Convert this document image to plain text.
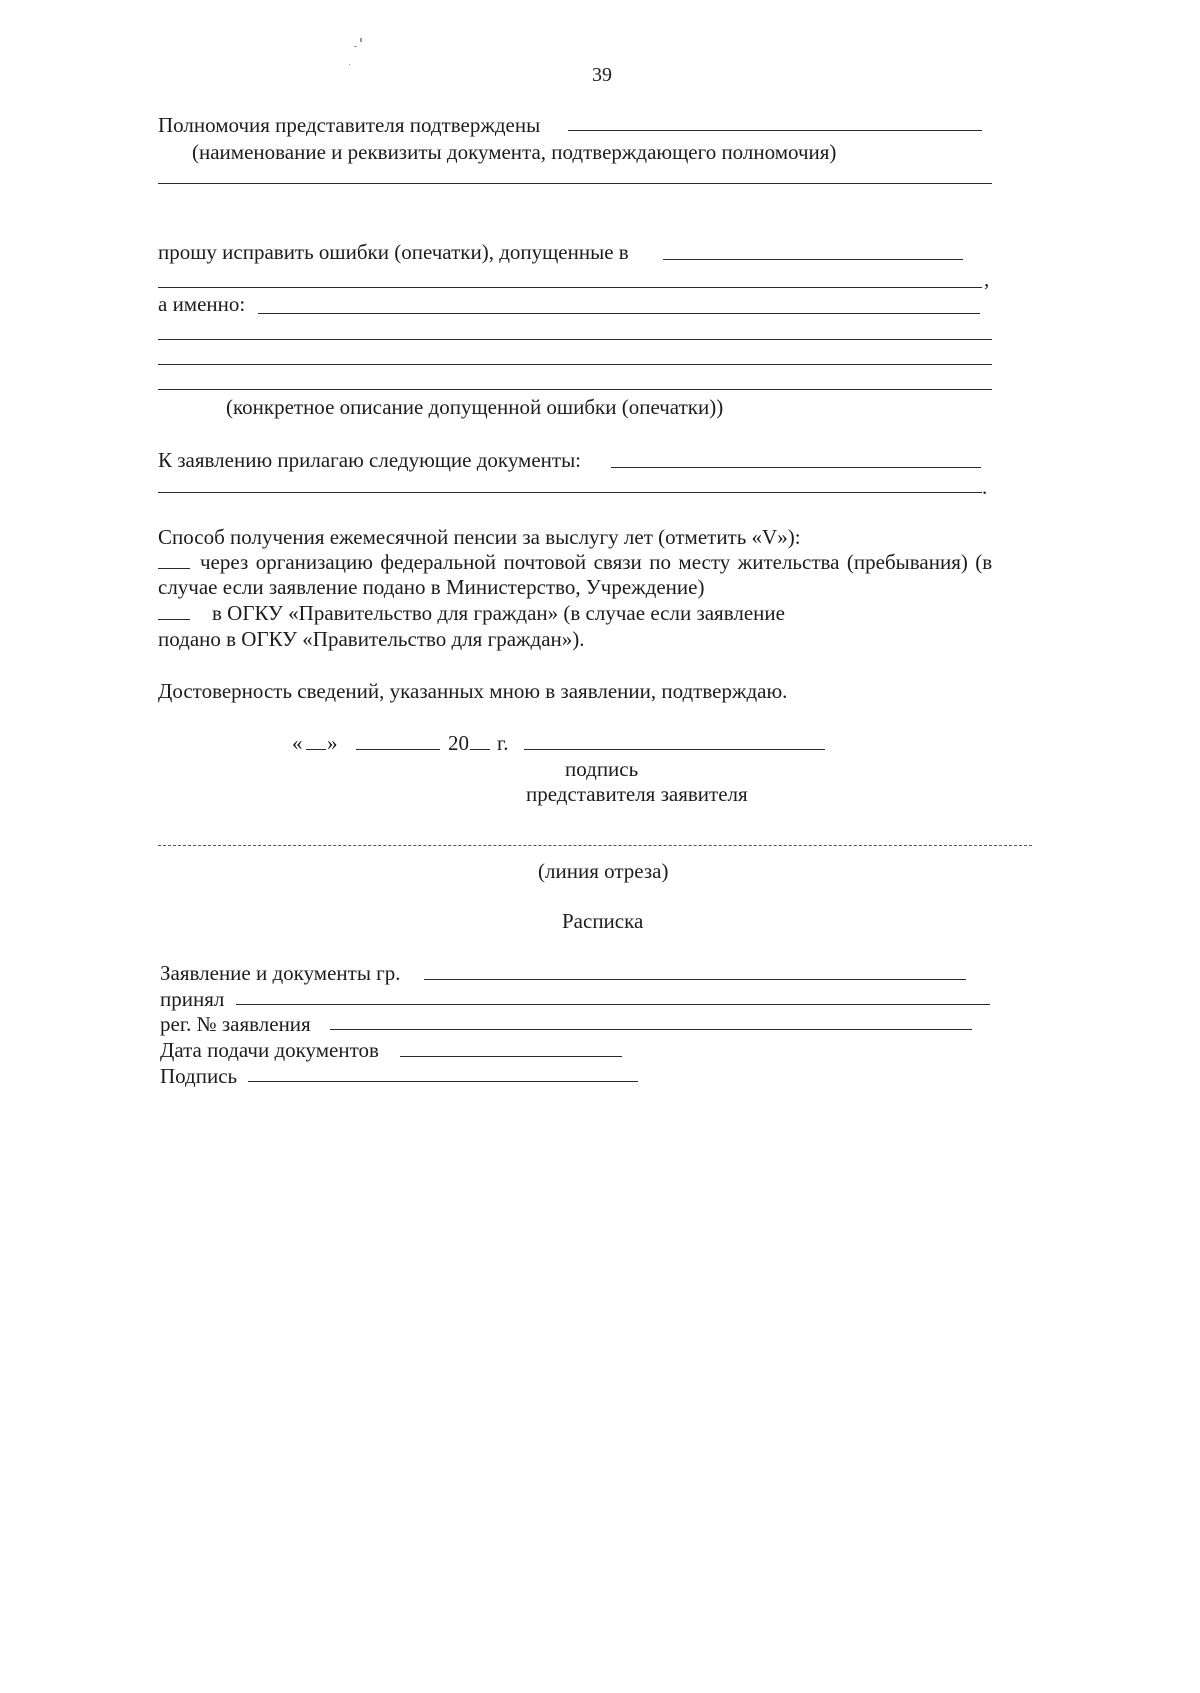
39
Полномочия представителя подтверждены
(наименование и реквизиты документа, подтверждающего полномочия)
прошу исправить ошибки (опечатки), допущенные в
,
а именно:
(конкретное описание допущенной ошибки (опечатки))
К заявлению прилагаю следующие документы:
.
Способ получения ежемесячной пенсии за выслугу лет (отметить «V»):
через организацию федеральной почтовой связи по месту жительства (пребывания) (в
случае если заявление подано в Министерство, Учреждение)
в ОГКУ «Правительство для граждан» (в случае если заявление
подано в ОГКУ «Правительство для граждан»).
Достоверность сведений, указанных мною в заявлении, подтверждаю.
« »	20 г.
подпись
представителя заявителя
(линия отреза)
Расписка
Заявление и документы гр.
принял
рег. № заявления
Дата подачи документов
Подпись
